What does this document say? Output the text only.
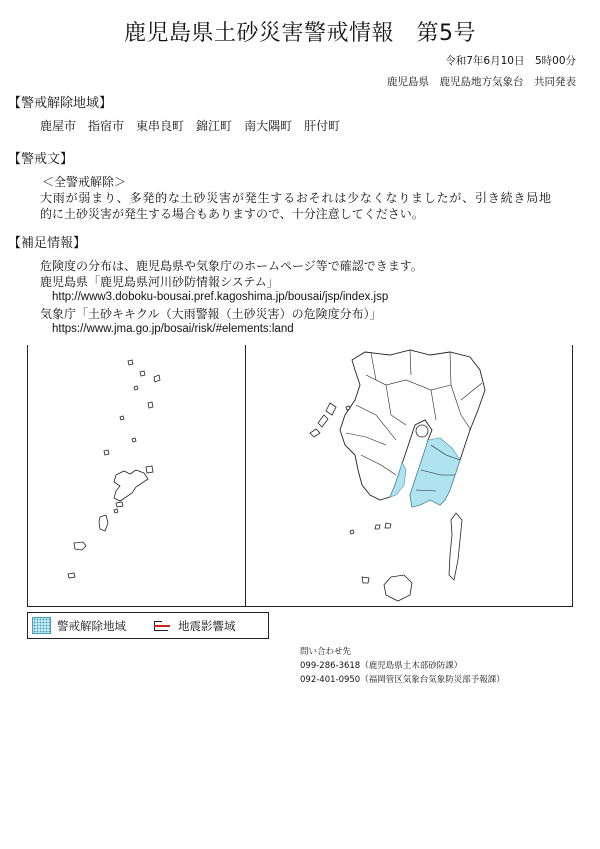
鹿児島県土砂災害警戒情報　第5号
令和7年6月10日　5時00分
鹿児島県　鹿児島地方気象台　共同発表
【警戒解除地域】
鹿屋市 指宿市 東串良町 錦江町 南大隅町 肝付町
【警戒文】
＜全警戒解除＞
大雨が弱まり、多発的な土砂災害が発生するおそれは少なくなりましたが、引き続き局地
的に土砂災害が発生する場合もありますので、十分注意してください。
【補足情報】
危険度の分布は、鹿児島県や気象庁のホームページ等で確認できます。
鹿児島県「鹿児島県河川砂防情報システム」
http://www3.doboku-bousai.pref.kagoshima.jp/bousai/jsp/index.jsp
気象庁「土砂キキクル（大雨警報（土砂災害）の危険度分布）」
https://www.jma.go.jp/bosai/risk/#elements:land
警戒解除地域	地震影響域
問い合わせ先
099-286-3618（鹿児島県土木部砂防課）
092-401-0950（福岡管区気象台気象防災部予報課）
